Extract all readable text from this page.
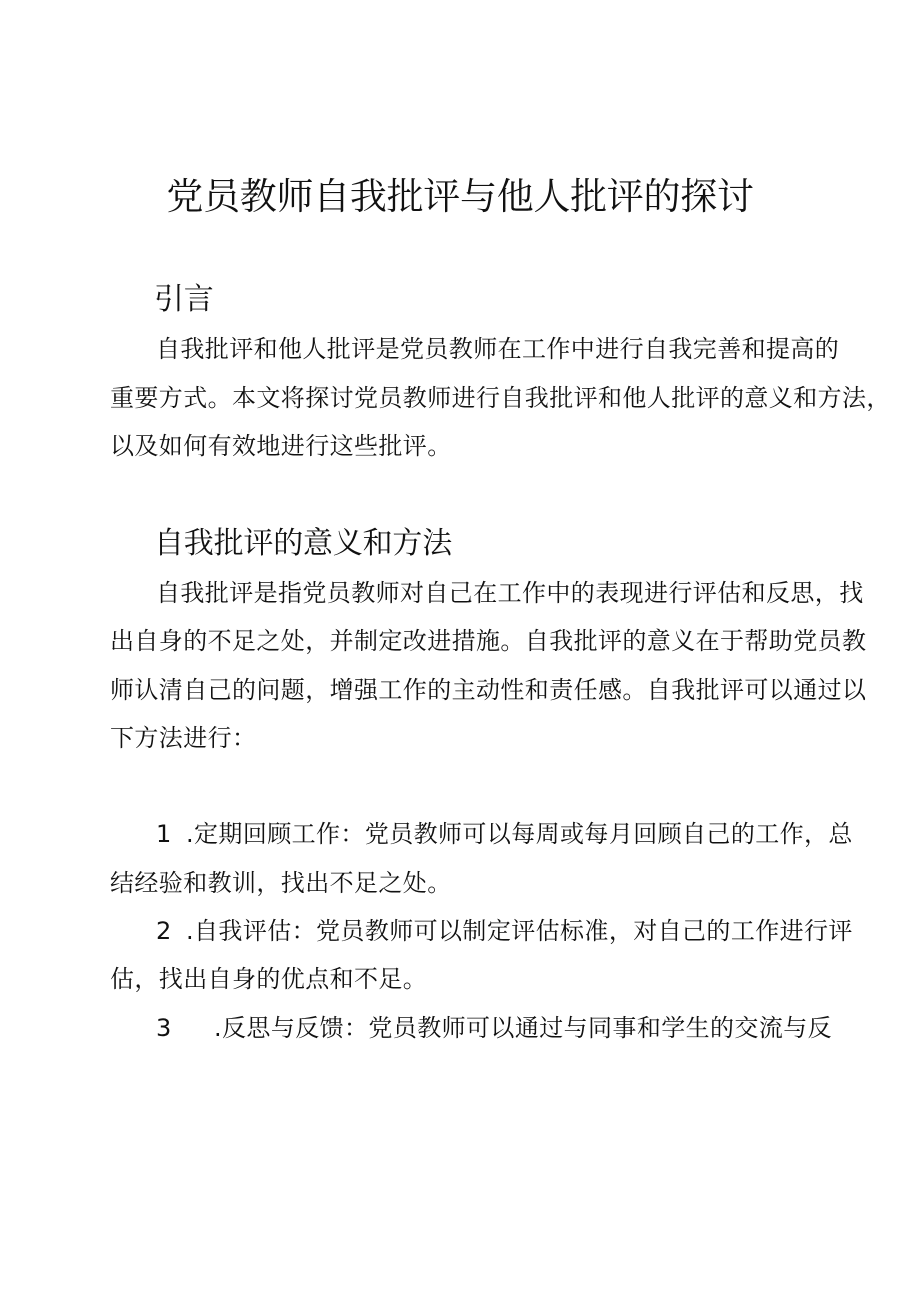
党员教师自我批评与他人批评的探讨
引言
自我批评和他人批评是党员教师在工作中进行自我完善和提高的
重要方式。本文将探讨党员教师进行自我批评和他人批评的意义和方法，
以及如何有效地进行这些批评。
自我批评的意义和方法
自我批评是指党员教师对自己在工作中的表现进行评估和反思，找
出自身的不足之处，并制定改进措施。自我批评的意义在于帮助党员教
师认清自己的问题，增强工作的主动性和责任感。自我批评可以通过以
下方法进行：
1 .定期回顾工作：党员教师可以每周或每月回顾自己的工作，总
结经验和教训，找出不足之处。
2 .自我评估：党员教师可以制定评估标准，对自己的工作进行评
估，找出自身的优点和不足。
3 .反思与反馈：党员教师可以通过与同事和学生的交流与反
